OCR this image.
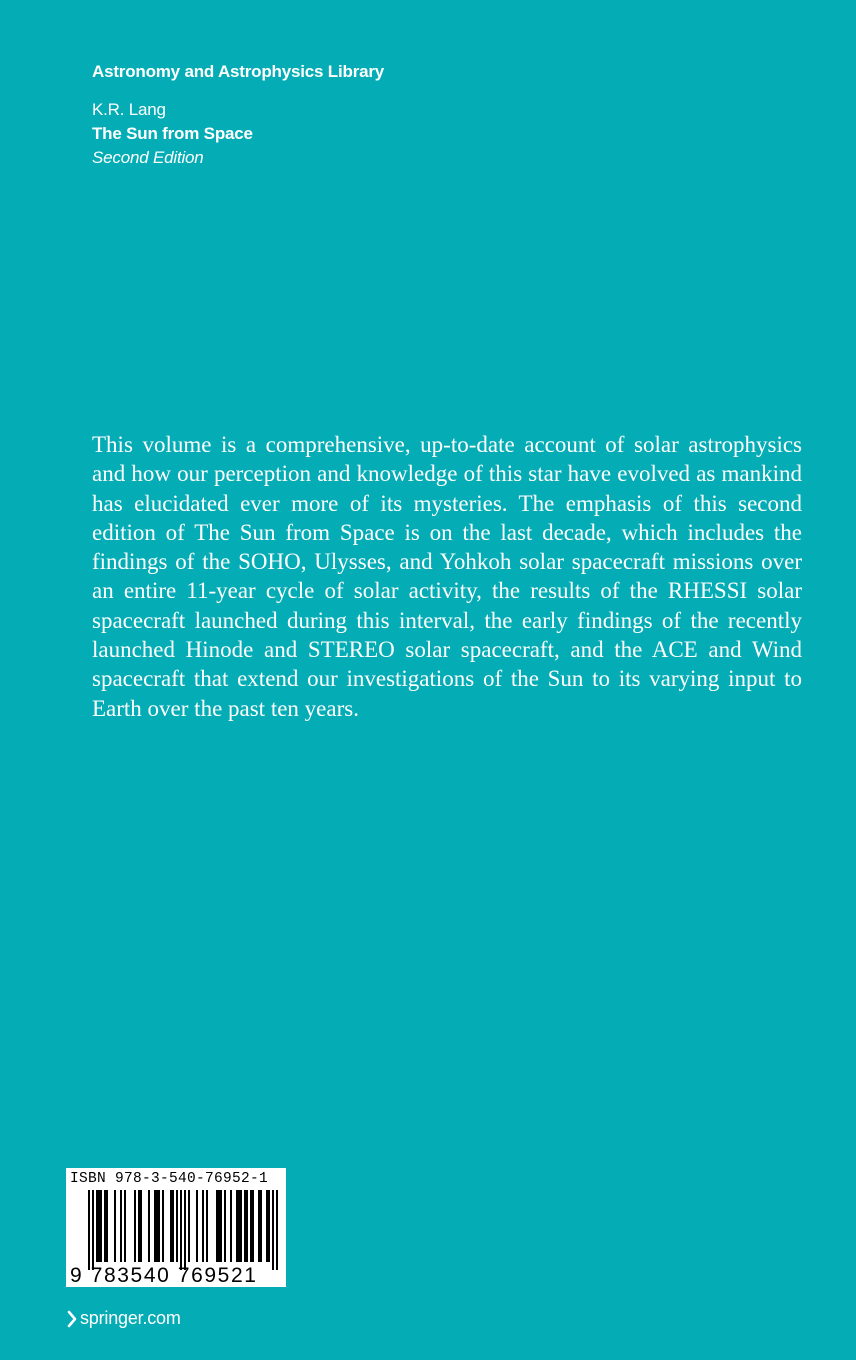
Astronomy and Astrophysics Library
K.R. Lang
The Sun from Space
Second Edition

This volume is a comprehensive, up-to-date account of solar astrophysics and how our perception and knowledge of this star have evolved as mankind has elucidated ever more of its mysteries. The emphasis of this second edition of The Sun from Space is on the last decade, which includes the findings of the SOHO, Ulysses, and Yohkoh solar spacecraft missions over an entire 11-year cycle of solar activity, the results of the RHESSI solar spacecraft launched during this interval, the early findings of the recently launched Hinode and STEREO solar spacecraft, and the ACE and Wind spacecraft that extend our investigations of the Sun to its varying input to Earth over the past ten years.

ISBN 978-3-540-76952-1
9 783540 769521
springer.com
